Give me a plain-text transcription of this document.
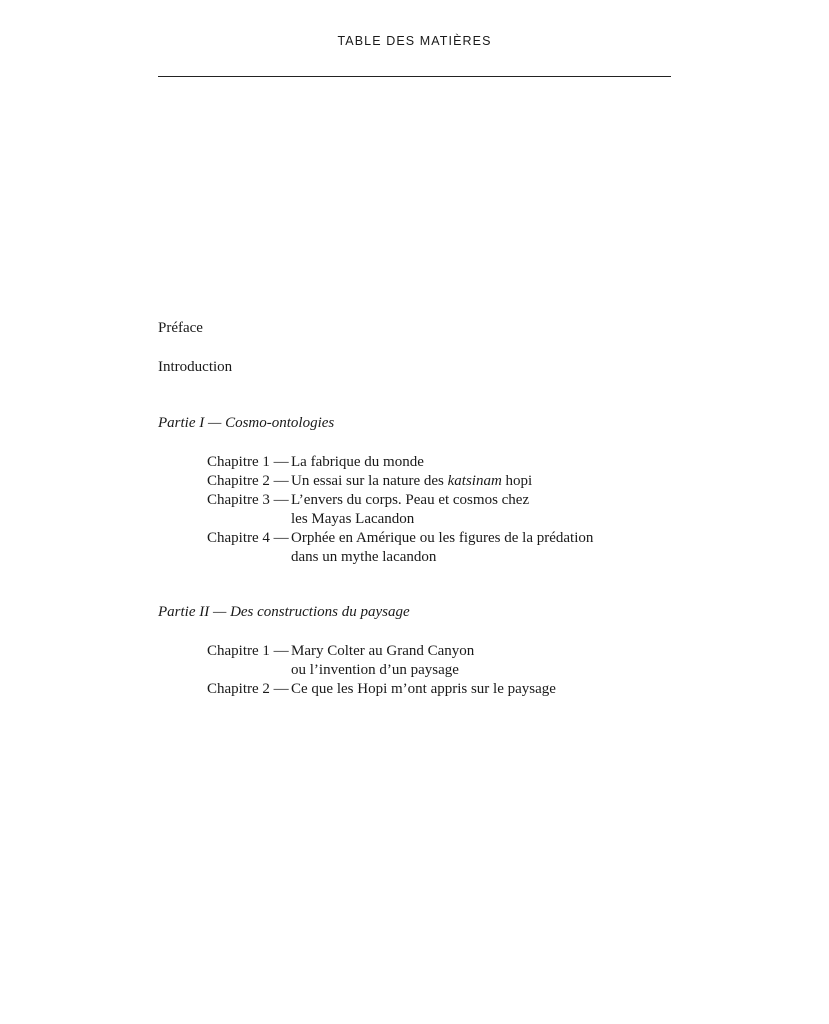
TABLE DES MATIÈRES
Préface
Introduction
Partie I — Cosmo-ontologies
Chapitre 1 — La fabrique du monde
Chapitre 2 — Un essai sur la nature des katsinam hopi
Chapitre 3 — L’envers du corps. Peau et cosmos chez
les Mayas Lacandon
Chapitre 4 — Orphée en Amérique ou les figures de la prédation
dans un mythe lacandon
Partie II — Des constructions du paysage
Chapitre 1 — Mary Colter au Grand Canyon
ou l’invention d’un paysage
Chapitre 2 — Ce que les Hopi m’ont appris sur le paysage
